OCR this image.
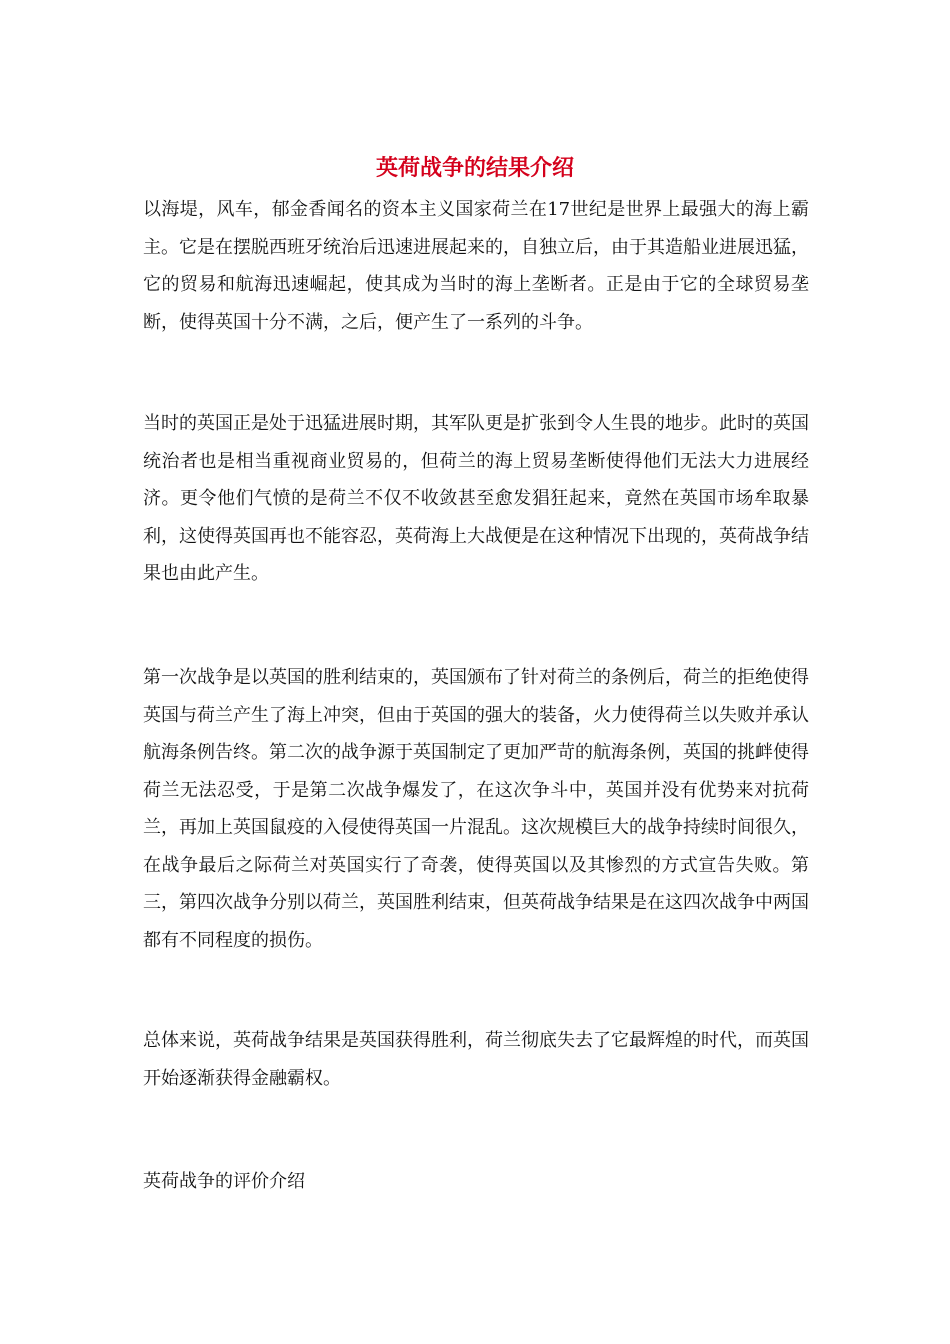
英荷战争的结果介绍

以海堤，风车，郁金香闻名的资本主义国家荷兰在17世纪是世界上最强大的海上霸主。它是在摆脱西班牙统治后迅速进展起来的，自独立后，由于其造船业进展迅猛，它的贸易和航海迅速崛起，使其成为当时的海上垄断者。正是由于它的全球贸易垄断，使得英国十分不满，之后，便产生了一系列的斗争。

当时的英国正是处于迅猛进展时期，其军队更是扩张到令人生畏的地步。此时的英国统治者也是相当重视商业贸易的，但荷兰的海上贸易垄断使得他们无法大力进展经济。更令他们气愤的是荷兰不仅不收敛甚至愈发猖狂起来，竟然在英国市场牟取暴利，这使得英国再也不能容忍，英荷海上大战便是在这种情况下出现的，英荷战争结果也由此产生。

第一次战争是以英国的胜利结束的，英国颁布了针对荷兰的条例后，荷兰的拒绝使得英国与荷兰产生了海上冲突，但由于英国的强大的装备，火力使得荷兰以失败并承认航海条例告终。第二次的战争源于英国制定了更加严苛的航海条例，英国的挑衅使得荷兰无法忍受，于是第二次战争爆发了，在这次争斗中，英国并没有优势来对抗荷兰，再加上英国鼠疫的入侵使得英国一片混乱。这次规模巨大的战争持续时间很久，在战争最后之际荷兰对英国实行了奇袭，使得英国以及其惨烈的方式宣告失败。第三，第四次战争分别以荷兰，英国胜利结束，但英荷战争结果是在这四次战争中两国都有不同程度的损伤。

总体来说，英荷战争结果是英国获得胜利，荷兰彻底失去了它最辉煌的时代，而英国开始逐渐获得金融霸权。

英荷战争的评价介绍
